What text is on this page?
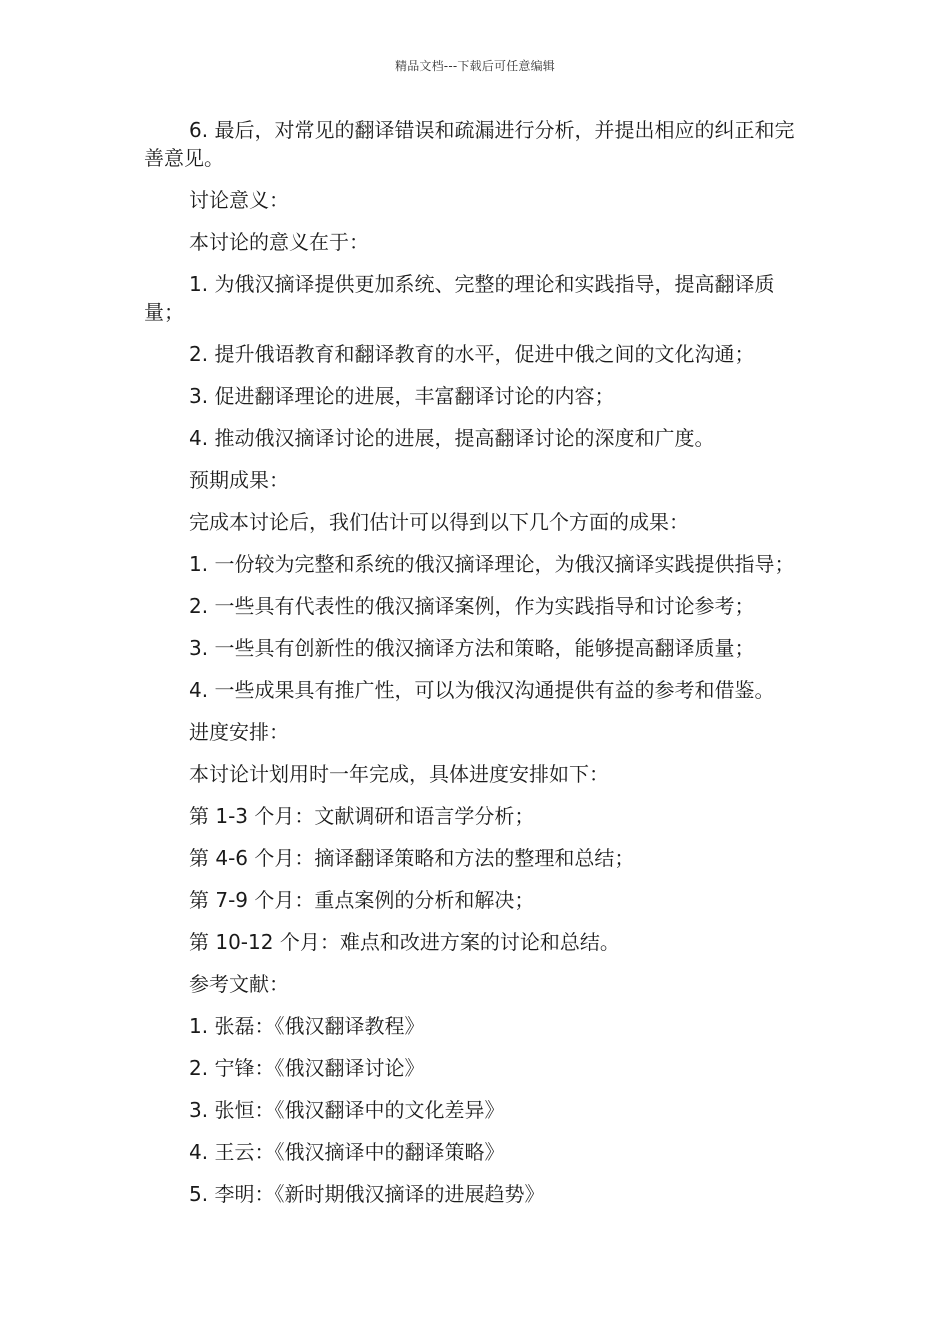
精品文档---下载后可任意编辑

6. 最后，对常见的翻译错误和疏漏进行分析，并提出相应的纠正和完善意见。

讨论意义：

本讨论的意义在于：

1. 为俄汉摘译提供更加系统、完整的理论和实践指导，提高翻译质量；

2. 提升俄语教育和翻译教育的水平，促进中俄之间的文化沟通；

3. 促进翻译理论的进展，丰富翻译讨论的内容；

4. 推动俄汉摘译讨论的进展，提高翻译讨论的深度和广度。

预期成果：

完成本讨论后，我们估计可以得到以下几个方面的成果：

1. 一份较为完整和系统的俄汉摘译理论，为俄汉摘译实践提供指导；

2. 一些具有代表性的俄汉摘译案例，作为实践指导和讨论参考；

3. 一些具有创新性的俄汉摘译方法和策略，能够提高翻译质量；

4. 一些成果具有推广性，可以为俄汉沟通提供有益的参考和借鉴。

进度安排：

本讨论计划用时一年完成，具体进度安排如下：

第 1-3 个月：文献调研和语言学分析；

第 4-6 个月：摘译翻译策略和方法的整理和总结；

第 7-9 个月：重点案例的分析和解决；

第 10-12 个月：难点和改进方案的讨论和总结。

参考文献：

1. 张磊：《俄汉翻译教程》

2. 宁锋：《俄汉翻译讨论》

3. 张恒：《俄汉翻译中的文化差异》

4. 王云：《俄汉摘译中的翻译策略》

5. 李明：《新时期俄汉摘译的进展趋势》
